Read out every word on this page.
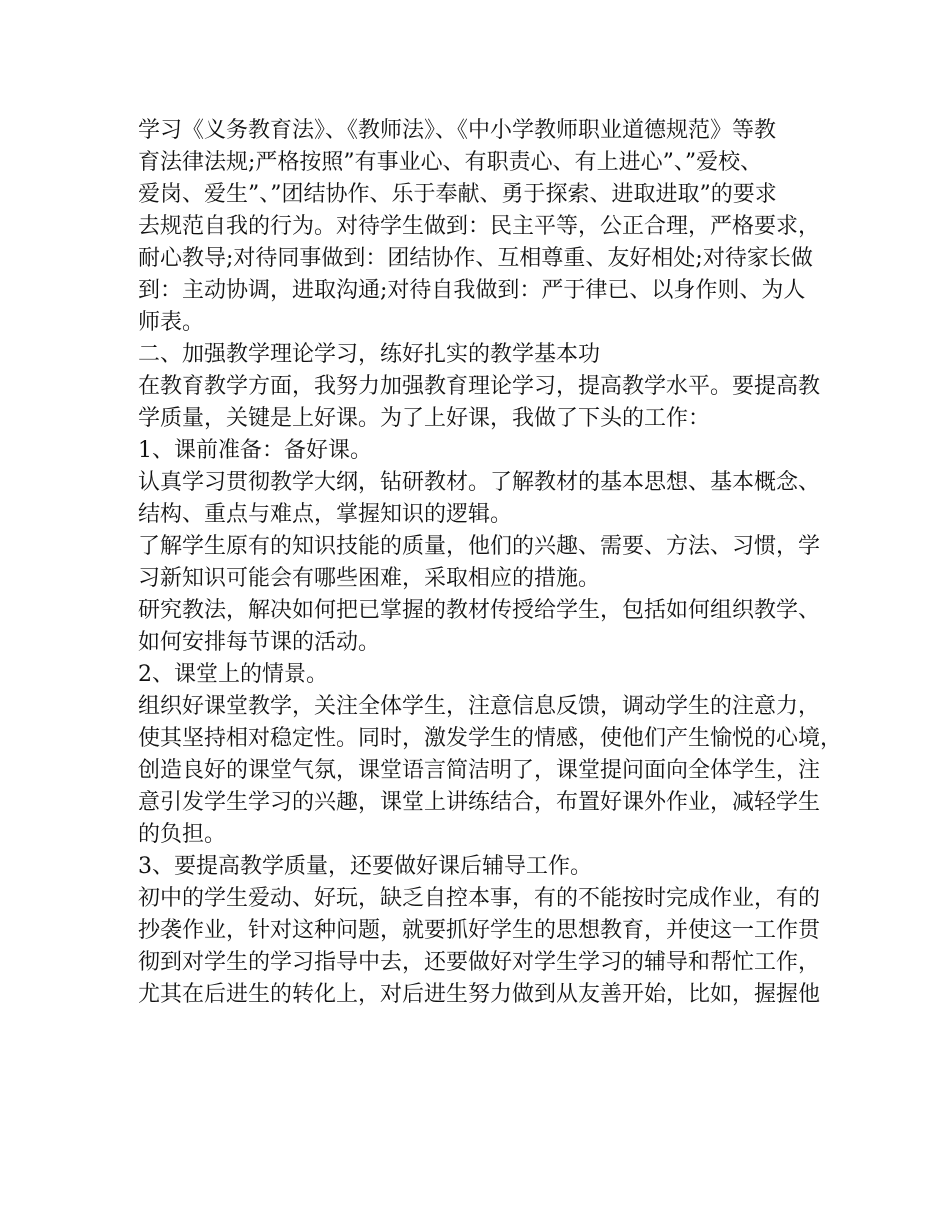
学习《义务教育法》、《教师法》、《中小学教师职业道德规范》等教
育法律法规;严格按照”有事业心、有职责心、有上进心”、”爱校、
爱岗、爱生”、”团结协作、乐于奉献、勇于探索、进取进取”的要求
去规范自我的行为。对待学生做到：民主平等，公正合理，严格要求，
耐心教导;对待同事做到：团结协作、互相尊重、友好相处;对待家长做
到：主动协调，进取沟通;对待自我做到：严于律已、以身作则、为人
师表。
二、加强教学理论学习，练好扎实的教学基本功
在教育教学方面，我努力加强教育理论学习，提高教学水平。要提高教
学质量，关键是上好课。为了上好课，我做了下头的工作：
1、课前准备：备好课。
认真学习贯彻教学大纲，钻研教材。了解教材的基本思想、基本概念、
结构、重点与难点，掌握知识的逻辑。
了解学生原有的知识技能的质量，他们的兴趣、需要、方法、习惯，学
习新知识可能会有哪些困难，采取相应的措施。
研究教法，解决如何把已掌握的教材传授给学生，包括如何组织教学、
如何安排每节课的活动。
2、课堂上的情景。
组织好课堂教学，关注全体学生，注意信息反馈，调动学生的注意力，
使其坚持相对稳定性。同时，激发学生的情感，使他们产生愉悦的心境，
创造良好的课堂气氛，课堂语言简洁明了，课堂提问面向全体学生，注
意引发学生学习的兴趣，课堂上讲练结合，布置好课外作业，减轻学生
的负担。
3、要提高教学质量，还要做好课后辅导工作。
初中的学生爱动、好玩，缺乏自控本事，有的不能按时完成作业，有的
抄袭作业，针对这种问题，就要抓好学生的思想教育，并使这一工作贯
彻到对学生的学习指导中去，还要做好对学生学习的辅导和帮忙工作，
尤其在后进生的转化上，对后进生努力做到从友善开始，比如，握握他
